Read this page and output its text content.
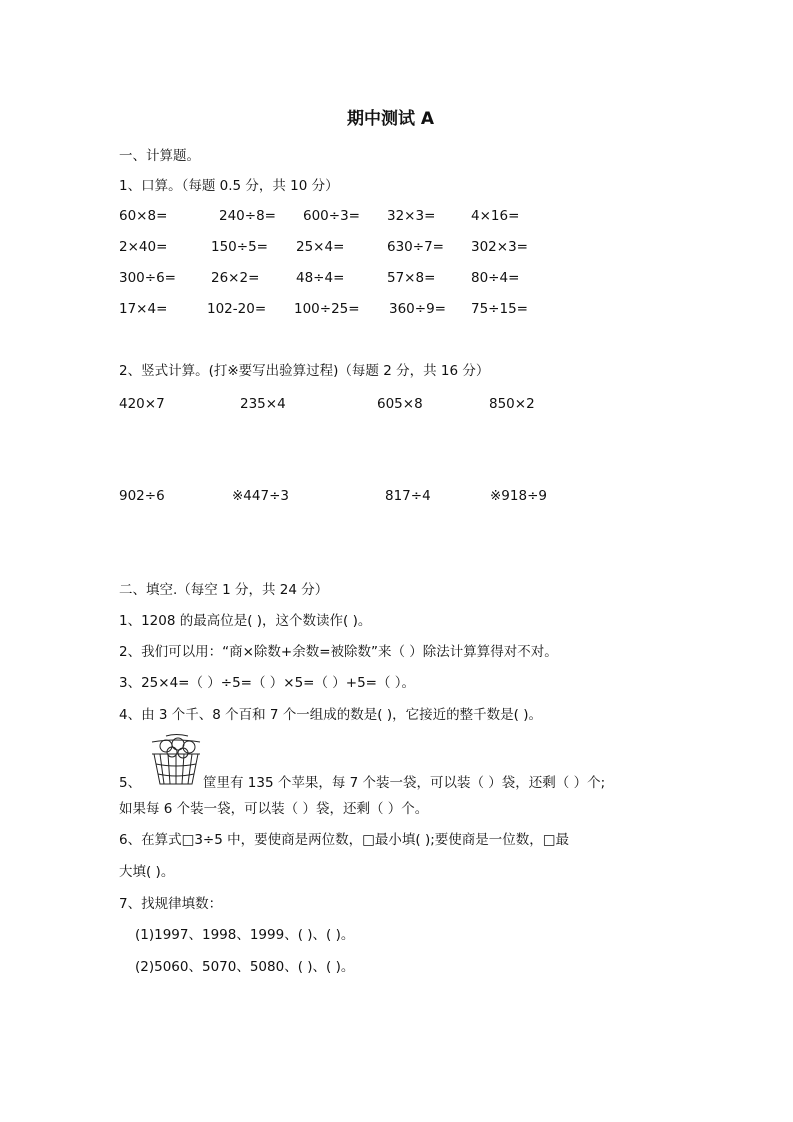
期中测试 A
一、计算题。
1、口算。（每题 0.5 分，共 10 分）
60×8=	240÷8= 600÷3= 32×3=	4×16=
2×40=	150÷5= 25×4=	630÷7= 302×3=
300÷6=	26×2=	48÷4=	57×8=	80÷4=
17×4=	102-20= 100÷25= 360÷9= 75÷15=
2、竖式计算。(打※要写出验算过程)（每题 2 分，共 16 分）
420×7	235×4	605×8	850×2
902÷6	※447÷3	817÷4	※918÷9
二、填空.（每空 1 分，共 24 分）
1、1208 的最高位是( )，这个数读作( )。
2、我们可以用：“商×除数+余数=被除数”来（ ）除法计算算得对不对。
3、25×4=（ ）÷5=（ ）×5=（ ）+5=（ ）。
4、由 3 个千、8 个百和 7 个一组成的数是( )，它接近的整千数是( )。
5、	筐里有 135 个苹果，每 7 个装一袋，可以装（ ）袋，还剩（ ）个;
如果每 6 个装一袋，可以装（ ）袋，还剩（ ）个。
6、在算式□3÷5 中，要使商是两位数，□最小填( );要使商是一位数，□最
大填( )。
7、找规律填数：
(1)1997、1998、1999、( )、( )。
(2)5060、5070、5080、( )、( )。
